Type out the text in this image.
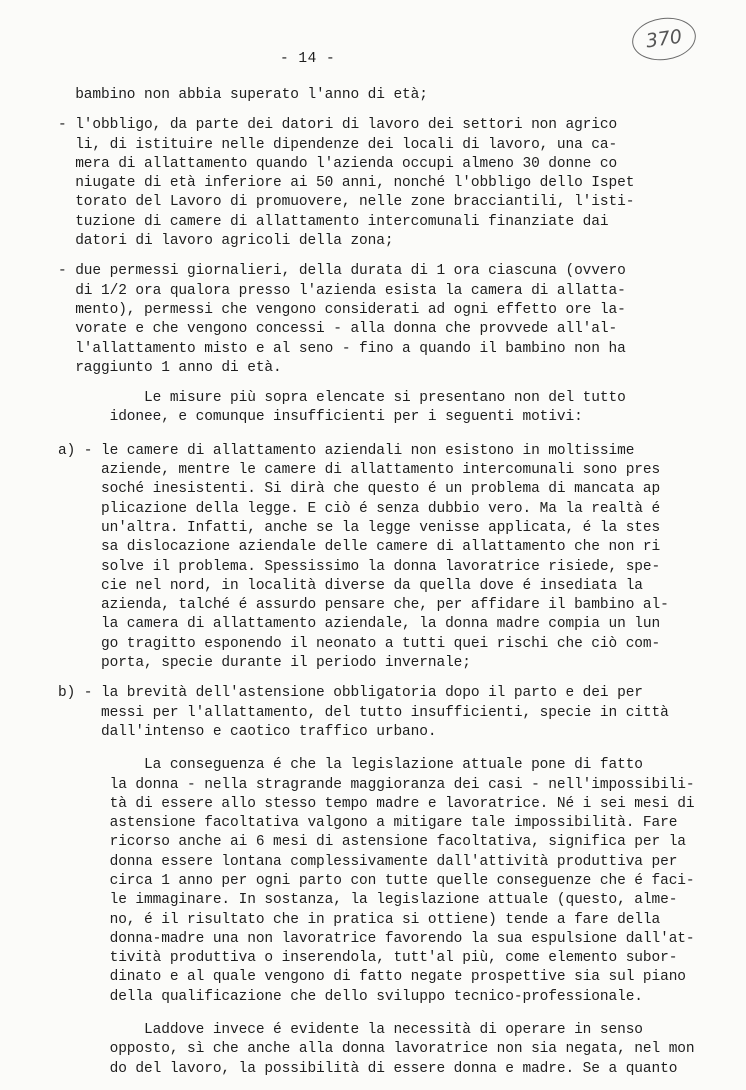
370
- 14 -
bambino non abbia superato l'anno di età;
- l'obbligo, da parte dei datori di lavoro dei settori non agrico
li, di istituire nelle dipendenze dei locali di lavoro, una ca-
mera di allattamento quando l'azienda occupi almeno 30 donne co
niugate di età inferiore ai 50 anni, nonché l'obbligo dello Ispet
torato del Lavoro di promuovere, nelle zone bracciantili, l'isti-
tuzione di camere di allattamento intercomunali finanziate dai
datori di lavoro agricoli della zona;
- due permessi giornalieri, della durata di 1 ora ciascuna (ovvero
di 1/2 ora qualora presso l'azienda esista la camera di allatta-
mento), permessi che vengono considerati ad ogni effetto ore la-
vorate e che vengono concessi - alla donna che provvede all'al-
l'allattamento misto e al seno - fino a quando il bambino non ha
raggiunto 1 anno di età.
Le misure più sopra elencate si presentano non del tutto
idonee, e comunque insufficienti per i seguenti motivi:
a) - le camere di allattamento aziendali non esistono in moltissime
aziende, mentre le camere di allattamento intercomunali sono pres
soché inesistenti. Si dirà che questo é un problema di mancata ap
plicazione della legge. E ciò é senza dubbio vero. Ma la realtà é
un'altra. Infatti, anche se la legge venisse applicata, é la stes
sa dislocazione aziendale delle camere di allattamento che non ri
solve il problema. Spessissimo la donna lavoratrice risiede, spe-
cie nel nord, in località diverse da quella dove é insediata la
azienda, talché é assurdo pensare che, per affidare il bambino al-
la camera di allattamento aziendale, la donna madre compia un lun
go tragitto esponendo il neonato a tutti quei rischi che ciò com-
porta, specie durante il periodo invernale;
b) - la brevità dell'astensione obbligatoria dopo il parto e dei per
messi per l'allattamento, del tutto insufficienti, specie in città
dall'intenso e caotico traffico urbano.
La conseguenza é che la legislazione attuale pone di fatto
la donna - nella stragrande maggioranza dei casi - nell'impossibili-
tà di essere allo stesso tempo madre e lavoratrice. Né i sei mesi di
astensione facoltativa valgono a mitigare tale impossibilità. Fare
ricorso anche ai 6 mesi di astensione facoltativa, significa per la
donna essere lontana complessivamente dall'attività produttiva per
circa 1 anno per ogni parto con tutte quelle conseguenze che é faci-
le immaginare. In sostanza, la legislazione attuale (questo, alme-
no, é il risultato che in pratica si ottiene) tende a fare della
donna-madre una non lavoratrice favorendo la sua espulsione dall'at-
tività produttiva o inserendola, tutt'al più, come elemento subor-
dinato e al quale vengono di fatto negate prospettive sia sul piano
della qualificazione che dello sviluppo tecnico-professionale.
Laddove invece é evidente la necessità di operare in senso
opposto, sì che anche alla donna lavoratrice non sia negata, nel mon
do del lavoro, la possibilità di essere donna e madre. Se a quanto
